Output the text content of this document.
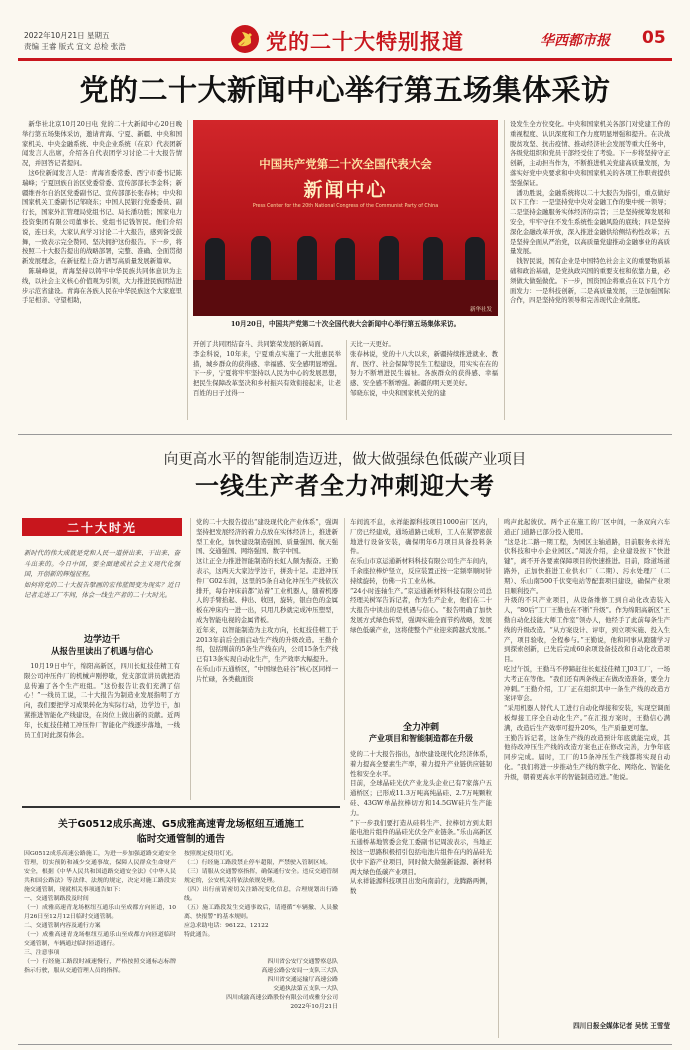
2022年10月21日 星期五
责编 王睿 版式 宜文 总检 张浩	党的二十大特别报道	华西都市报 05
党的二十大新闻中心举行第五场集体采访

新华社北京10月20日电 党的二十大新闻中心20日晚举行第五场集体采访，邀请青海、宁夏、新疆、中央和国家机关、中央金融系统、中央企业系统（在京）代表团新闻发言人出席，介绍各自代表团学习讨论二十大报告情况，并回答记者提问。

这6位新闻发言人是：青海省委常委、西宁市委书记陈瑞峰；宁夏回族自治区党委常委、宣传部部长李金科；新疆维吾尔自治区党委副书记、宣传部部长张春林；中央和国家机关工委副书记邹晓东；中国人民银行党委委员、副行长，国家外汇管理局党组书记、局长潘功胜；国家电力投资集团有限公司董事长、党组书记钱智民。他们介绍说，连日来，大家认真学习讨论二十大报告，感到备受鼓舞，一致表示完全赞同、坚决拥护这份报告。下一步，将按照二十大报告提出的战略部署，完整、准确、全面贯彻新发展理念，在新征程上奋力谱写高质量发展新篇章。

陈瑞峰说，青海坚持以铸牢中华民族共同体意识为主线，以社会主义核心价值观为引领，大力推进民族团结进步示范省建设。青海在各族人民在中华民族这个大家庭里手足相亲、守望相助，

中国共产党第二十次全国代表大会
新闻中心
Press Center for the 20th National Congress of the Communist Party of China
新华社发
10月20日，中国共产党第二十次全国代表大会新闻中心举行第五场集体采访。

开创了共同团结奋斗、共同繁荣发展的新局面。
李金科说，10年来，宁夏重点实施了一大批惠民举措，城乡群众的获得感、幸福感、安全感明显增强。下一步，宁夏将牢牢坚持以人民为中心的发展思想，把民生保障改革坚决和乡村振兴有效衔接起来，让老百姓的日子过得一

天比一天更好。
张春林说，党的十八大以来，新疆持续推进就业、教育、医疗、社会保障等民生工程建设，用实实在在的努力不断增进民生福祉。各族群众的获得感、幸福感、安全感不断增强。新疆的明天更美好。
邹晓东说，中央和国家机关党的建

设发生全方位变化。中央和国家机关各部门对党建工作的重视程度、认识深度和工作力度明显增强和提升。在决战脱贫攻坚、抗击疫情、推动经济社会发展等重大任务中，各级党组织和党员干部经受住了考验。下一步将坚持守正创新，主动担当作为，不断推进机关党建高质量发展，为落实好党中央要求和中央和国家机关的各项工作职责提供坚强保证。

潘功胜说，金融系统将以二十大报告为指引，重点做好以下工作：一是坚持党中央对金融工作的集中统一领导；二是坚持金融服务实体经济的宗旨；三是坚持统筹发展和安全，牢牢守住不发生系统性金融风险的底线；四是坚持深化金融改革开放，深入推进金融供给侧结构性改革；五是坚持全面从严治党，以高质量党建推动金融事业的高质量发展。

钱智民说，国有企业是中国特色社会主义的重要物质基础和政治基础，是党执政兴国的重要支柱和依靠力量，必须做大做强做优。下一步，国资国企将重点在以下几个方面发力：一是科技创新，二是高质量发展，三是加强国际合作，四是坚持党的领导和完善现代企业制度。

向更高水平的智能制造迈进，做大做强绿色低碳产业项目
一线生产者全力冲刺迎大考
二十大时光
新时代的伟大成就是党和人民一道拼出来、干出来、奋斗出来的。今日中国，要全面建成社会主义现代化强国，开创新的辉煌征程。
如何将党的二十大报告擘画的宏伟蓝图变为现实？近日记者走进工厂车间，体会一线生产者的二十大时光。
边学边干
从报告里读出了机遇与信心
10月19日中午，绵阳高新区，四川长虹技佳精工有限公司冲压件厂的机械声刚停歇，党支部宣讲员就把消息传遍了各个生产班组。“这份报告让我们充满了信心！”一线员工说，二十大报告为制造业发展指明了方向，我们要把学习成果转化为实际行动，边学边干，加紧推进智能化产线建设，在岗位上做出新的贡献。近两年，长虹技佳精工冲压件厂智能化产线逐步落地，一线员工们对此深有体会。
党的二十大报告提出“建设现代化产业体系”，强调坚持把发展经济的着力点放在实体经济上，推进新型工业化，加快建设制造强国、质量强国、航天强国、交通强国、网络强国、数字中国。
这让正全力推进智能制造的长虹人颇为振奋。王勤表示，这两天大家边学边干，拼劲十足。走进冲压件厂G02车间，这里的5条自动化冲压生产线依次排开，每台冲床前都“站着”工业机器人，随着机器人的手臂抬起、伸出、收回，旋转，银白色的金属板在冲床内一进一出，只用几秒就完成冲压塑型，成为智能电视的金属背板。
近年来，以智能制造为主攻方向，长虹技佳精工于2013年前后全面启动生产线的升级改造。王勤介绍，包括刚前的5条生产线在内，公司15条生产线已有13条实现自动化生产，生产效率大幅提升。
在乐山市五通桥区，“中国绿色硅谷”核心区同样一片忙碌，各类截面资
车间流不息，永祥能源科技项目1000亩厂区内，厂房已经建成，通场道路已成形，工人在紧锣密鼓地进行设备安装，确保明年6月项目具备投料条件。
在乐山市京运通新材料科技有限公司生产车间内，千余座拉棒炉竖立，反应装置正按一定频率顺时针持续旋转，仿佛一片工业丛林。
“24小时连轴生产。”京运通新材料科技有限公司总经理关树军告诉记者，作为生产企业，他们在二十大报告中读出的是机遇与信心。“报告明确了加快发展方式绿色转型，强调实施全面节约战略，发展绿色低碳产业，这将使整个产业迎来跨越式发展。”
全力冲刺
产业项目和智能制造都在升级
鸣声此起彼伏。两个正在施工的厂区中间，一条双向六车道正门道路已部分投入使用。
“这是北二路一期工程，为园区主轴道路，目前服务永祥光伏科技和中小企业园区。”周波介绍，企业建设按下“快进键”，离不开各要素保障项目的快速推进。目前，除道场道路外，正加快推进工业供水厂（二期）、污水处理厂（二期）、乐山南500千伏变电站等配套项目建设，确保产业项目顺利投产。
升级的不只产业项目，从设备维修工到自动化改造装入人，“80后”工厂王勤也在不断“升级”。作为绵阳高新区“王勤自动化技能大师工作室”领办人，他经手了此前每条生产线的升级改造。“从方案设计、评审，到立项实施、投入生产，项目验收，全程参与。”王勤说，他和同事从跑随学习到探索创新，已先后完成60余项设备技改和自动化改造项目。
吃过午饭，王勤马不停蹄赶往长虹技佳精工J03工厂，一场大考正在等他。“我们还有两条线正在做改造准备，要全力冲刺。”王勤介绍，工厂正在组织其中一条生产线的改造方案评审会。
“采用机器人替代人工进行自动化焊接和安装，实现空调面板焊接工序全自动化生产。”在汇报方案时，王勤信心满满，改造后生产效率可提升20%，生产质量更可靠。
王勤告诉记者，这条生产线的改造预计年底就能完成，其他待改冲压生产线的改造方案也正在修改完善，力争年底同步完成。届时，工厂的15条冲压生产线都将实现自动化。“我们将进一步推动生产线的数字化、网络化、智能化升级，朝着更高水平的智能制造迈进。”他说。
四川日报全媒体记者 吴忧 王雪莹
党的二十大报告指出，加快建设现代化经济体系，着力提高全要素生产率，着力提升产业链供应链韧性和安全水平。
目前，全球晶硅光伏产业龙头企业已有7家落户五通桥区；已形成11.3万吨高纯晶硅、2.7万吨颗粒硅、43GW单晶拉棒切方和14.5GW硅片生产能力。
“下一步我们要打造从硅料生产、拉棒切方到太阳能电池片组件的晶硅光伏全产业链条。”乐山高新区五通桥基地管委会党工委副书记周波表示，当地正按这一思路积极招引包括电池片组件在内的晶硅光伏中下游产业项目，同时做大做强新能源、新材料两大绿色低碳产业项目。
从永祥能源科技项目出发向南前行，龙腾路两侧，数
关于G0512成乐高速、G5成雅高速青龙场枢纽互通施工
临时交通管制的通告
因G0512成乐高速公路施工，为进一步加强道路交通安全管理，切实预防和减少交通事故，保障人民群众生命财产安全，根据《中华人民共和国道路交通安全法》《中华人民共和国公路法》等法律、法规的规定，决定对施工路段实施交通管制，现就相关事项通告如下：
一、交通管制路段及时间
（一）成雅高速青龙场枢纽互通乐山至成都方向匝道，10月26日至12月12日临时交通管制。
二、交通管制内容及通行方案
（一）成雅高速青龙场枢纽互通乐山至成都方向匝道临时交通管制，车辆通过临时匝道通行。
三、注意事项
（一）行经施工路段时减速慢行，严格按照交通标志标牌指示行驶，服从交通管理人员的指挥。
按照规定使用灯光。
（二）行经施工路段禁止停车超限，严禁驶入管制区域。
（三）请服从交通警察指挥，确保通行安全。违反交通管制规定的，公安机关将依法依规处理。
（四）出行前请密切关注路况变化信息，合理规划出行路线。
（五）施工路段发生交通事故后，请遵循“车辆撤、人员撤离、快报警”的基本规则。
应急求助电话：96122、12122
特此通告。
四川省公安厅交通警察总队
高速公路公安局一支队三大队
四川省交通运输厅高速公路
交通执法第五支队一大队
四川成渝高速公路股份有限公司成雅分公司
2022年10月21日
